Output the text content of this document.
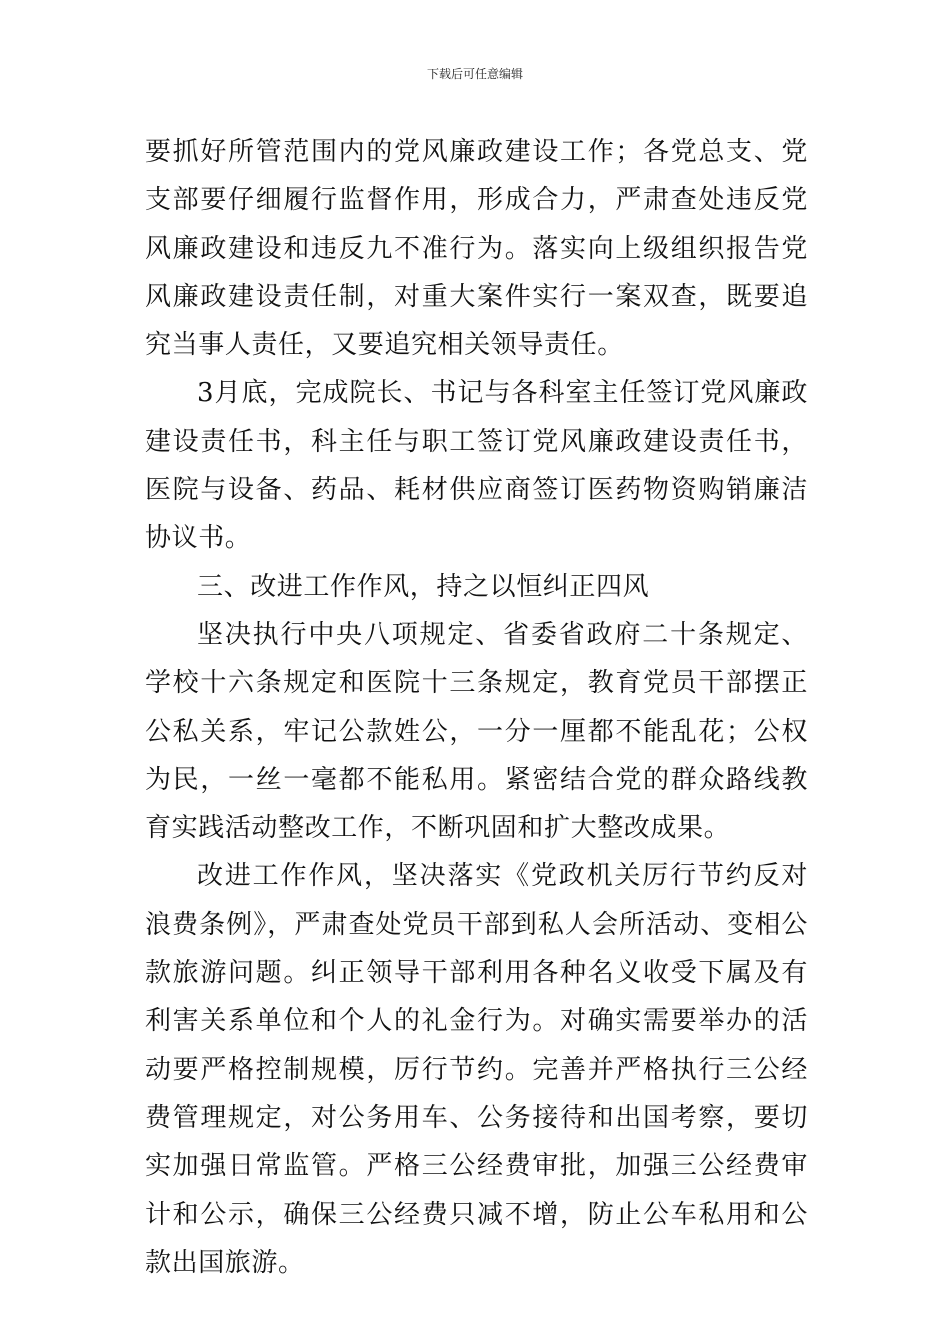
下载后可任意编辑

要抓好所管范围内的党风廉政建设工作；各党总支、党支部要仔细履行监督作用，形成合力，严肃查处违反党风廉政建设和违反九不准行为。落实向上级组织报告党风廉政建设责任制，对重大案件实行一案双查，既要追究当事人责任，又要追究相关领导责任。

3月底，完成院长、书记与各科室主任签订党风廉政建设责任书，科主任与职工签订党风廉政建设责任书，医院与设备、药品、耗材供应商签订医药物资购销廉洁协议书。

三、改进工作作风，持之以恒纠正四风

坚决执行中央八项规定、省委省政府二十条规定、学校十六条规定和医院十三条规定，教育党员干部摆正公私关系，牢记公款姓公，一分一厘都不能乱花；公权为民，一丝一毫都不能私用。紧密结合党的群众路线教育实践活动整改工作，不断巩固和扩大整改成果。

改进工作作风，坚决落实《党政机关厉行节约反对浪费条例》，严肃查处党员干部到私人会所活动、变相公款旅游问题。纠正领导干部利用各种名义收受下属及有利害关系单位和个人的礼金行为。对确实需要举办的活动要严格控制规模，厉行节约。完善并严格执行三公经费管理规定，对公务用车、公务接待和出国考察，要切实加强日常监管。严格三公经费审批，加强三公经费审计和公示，确保三公经费只减不增，防止公车私用和公款出国旅游。
